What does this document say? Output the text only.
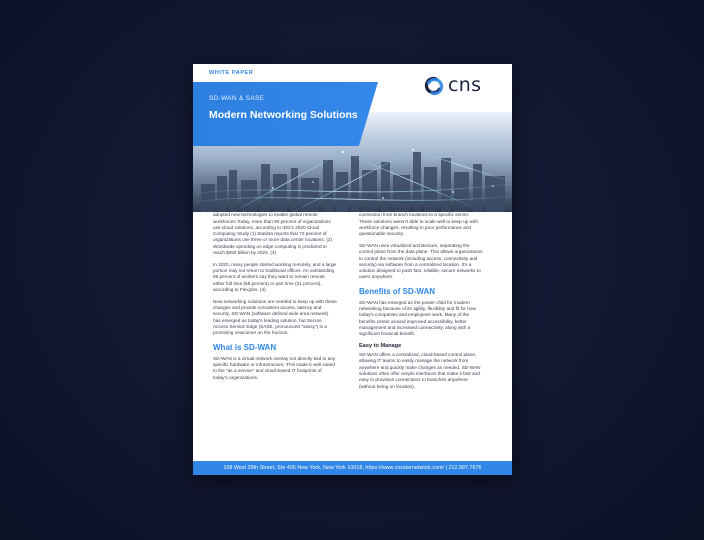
WHITE PAPER
SD-WAN & SASE
Modern Networking Solutions
cns

In 2020, digital transformation accelerated as businesses adopted new technologies to enable global remote workforces.Today, more than 90 percent of organizations use cloud solutions, according to IDG's 2020 Cloud Computing Study (1) Statista reports that 73 percent of organizations use three or more data center locations. (2) Worldwide spending on edge computing is predicted to reach $250 billion by 2024. (3)

In 2020, many people started working remotely, and a large portion may not return to traditional offices. An outstanding 96 percent of workers say they want to remain remote either full time (65 percent) or part time (31 percent), according to Flexjobs. (4)

New networking solutions are needed to keep up with these changes and provide consistent access, latency and security. SD-WAN (software defined wide area network) has emerged as today's leading solution, but Secure Access Service Edge (SASE, pronounced "sassy") is a promising newcomer on the horizon.

What is SD-WAN

SD-WAN is a virtual network overlay not directly tied to any specific hardware or infrastructure. This made it well suited to the "as a service" and cloud-based IT footprints of today's organizations.

Previous WAN solutions created a secure, dedicated connection from branch locations to a specific server. These solutions weren't able to scale well to keep up with workforce changes, resulting in poor performance and questionable security.

SD-WAN uses virtualized architecture, separating the control plane from the data plane. This allows organizations to control the network (including access, connectivity and security) via software from a centralized location. It's a solution designed to push fast, reliable, secure networks to users anywhere.

Benefits of SD-WAN

SD-WAN has emerged as the poster child for modern networking because of its agility, flexibility and fit for how today's companies and employees work. Many of the benefits center around improved accessibility, better management and increased connectivity, along with a significant financial benefit.

Easy to Manage

SD-WAN offers a centralized, cloud-based control plane, allowing IT teams to easily manage the network from anywhere and quickly make changes as needed. SD-WAN solutions often offer simple interfaces that make it fast and easy to provision connections to branches anywhere (without being on location).

108 West 39th Street, Ste 405 New York, New York 10018, https://www.cnsstarnetwork.com/ | 212.997.7676
